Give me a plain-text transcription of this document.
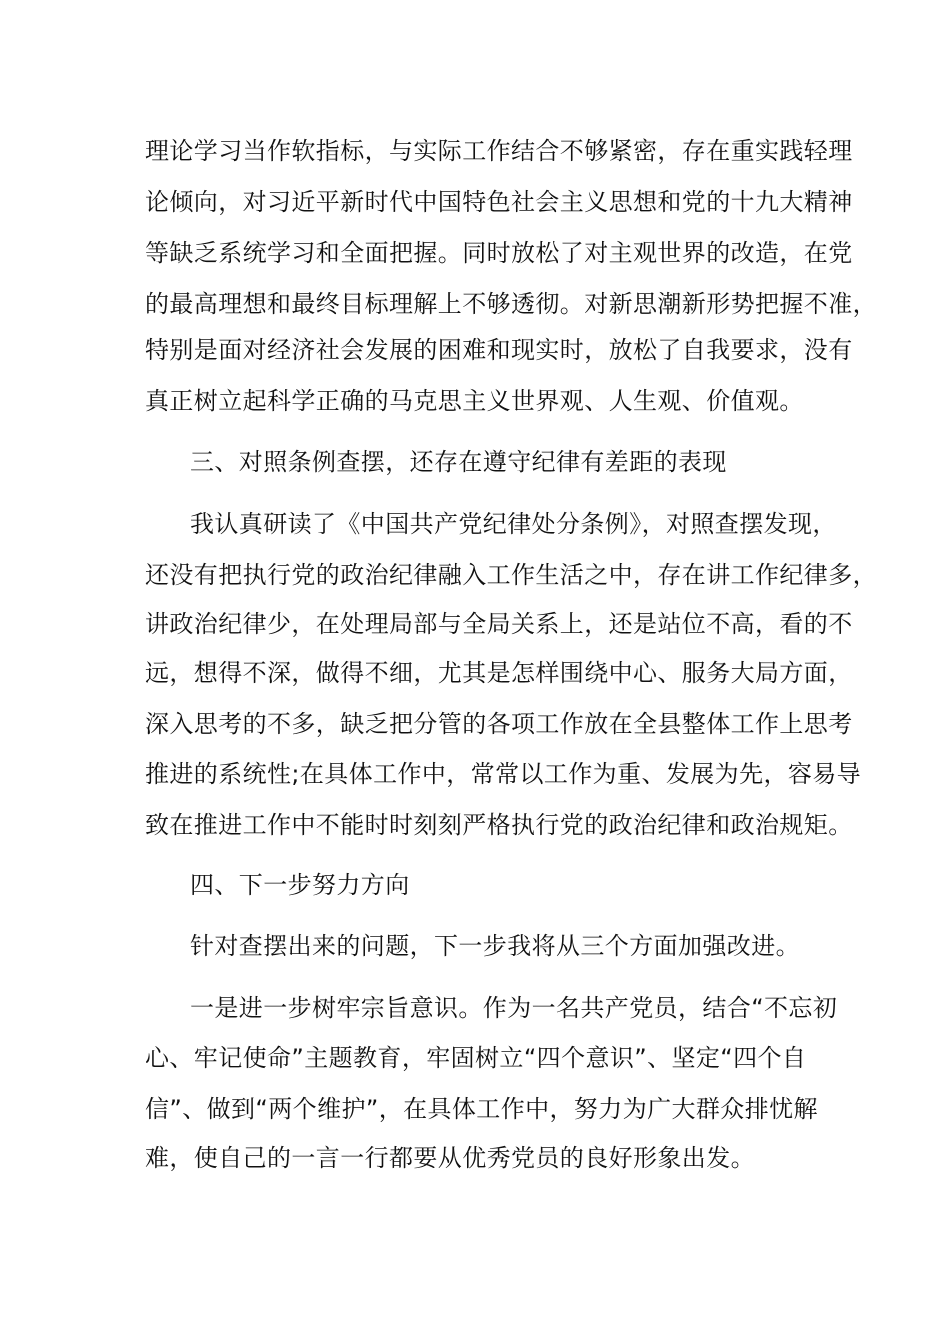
理论学习当作软指标，与实际工作结合不够紧密，存在重实践轻理
论倾向，对习近平新时代中国特色社会主义思想和党的十九大精神
等缺乏系统学习和全面把握。同时放松了对主观世界的改造，在党
的最高理想和最终目标理解上不够透彻。对新思潮新形势把握不准，
特别是面对经济社会发展的困难和现实时，放松了自我要求，没有
真正树立起科学正确的马克思主义世界观、人生观、价值观。
三、对照条例查摆，还存在遵守纪律有差距的表现
我认真研读了《中国共产党纪律处分条例》，对照查摆发现，
还没有把执行党的政治纪律融入工作生活之中，存在讲工作纪律多，
讲政治纪律少，在处理局部与全局关系上，还是站位不高，看的不
远，想得不深，做得不细，尤其是怎样围绕中心、服务大局方面，
深入思考的不多，缺乏把分管的各项工作放在全县整体工作上思考
推进的系统性;在具体工作中，常常以工作为重、发展为先，容易导
致在推进工作中不能时时刻刻严格执行党的政治纪律和政治规矩。
四、下一步努力方向
针对查摆出来的问题，下一步我将从三个方面加强改进。
一是进一步树牢宗旨意识。作为一名共产党员，结合“不忘初
心、牢记使命”主题教育，牢固树立“四个意识”、坚定“四个自
信”、做到“两个维护”，在具体工作中，努力为广大群众排忧解
难，使自己的一言一行都要从优秀党员的良好形象出发。
